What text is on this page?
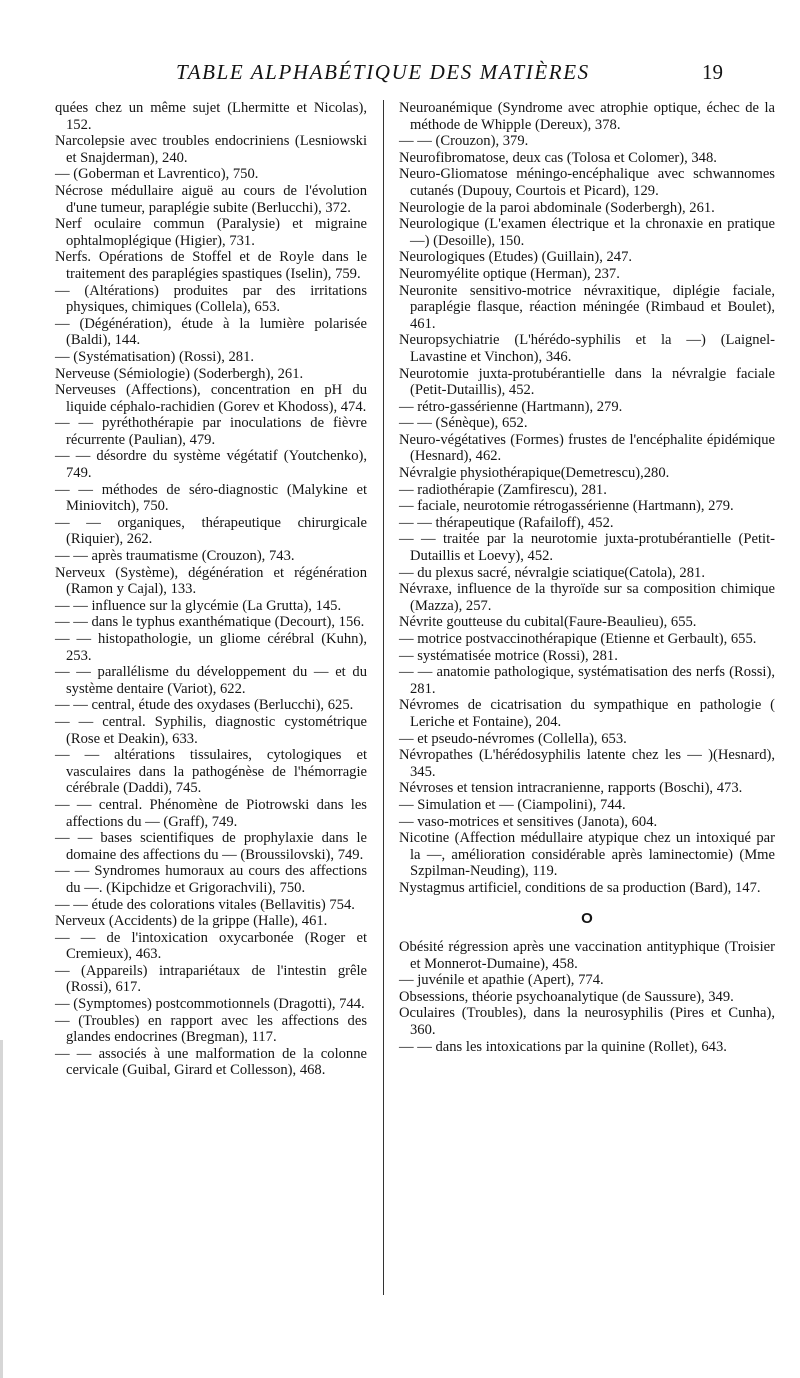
TABLE ALPHABÉTIQUE DES MATIÈRES	19

quées chez un même sujet (Lhermitte et Nicolas), 152.

Narcolepsie avec troubles endocriniens (Lesniowski et Snajderman), 240.

— (Goberman et Lavrentico), 750.

Nécrose médullaire aiguë au cours de l'évolution d'une tumeur, paraplégie subite (Berlucchi), 372.

Nerf oculaire commun (Paralysie) et migraine ophtalmoplégique (Higier), 731.

Nerfs. Opérations de Stoffel et de Royle dans le traitement des paraplégies spastiques (Iselin), 759.

— (Altérations) produites par des irritations physiques, chimiques (Collela), 653.

— (Dégénération), étude à la lumière polarisée (Baldi), 144.

— (Systématisation) (Rossi), 281.

Nerveuse (Sémiologie) (Soderbergh), 261.

Nerveuses (Affections), concentration en pH du liquide céphalo-rachidien (Gorev et Khodoss), 474.

— — pyréthothérapie par inoculations de fièvre récurrente (Paulian), 479.

— — désordre du système végétatif (Youtchenko), 749.

— — méthodes de séro-diagnostic (Malykine et Miniovitch), 750.

— — organiques, thérapeutique chirurgicale (Riquier), 262.

— — après traumatisme (Crouzon), 743.

Nerveux (Système), dégénération et régénération (Ramon y Cajal), 133.

— — influence sur la glycémie (La Grutta), 145.

— — dans le typhus exanthématique (Decourt), 156.

— — histopathologie, un gliome cérébral (Kuhn), 253.

— — parallélisme du développement du — et du système dentaire (Variot), 622.

— — central, étude des oxydases (Berlucchi), 625.

— — central. Syphilis, diagnostic cystométrique (Rose et Deakin), 633.

— — altérations tissulaires, cytologiques et vasculaires dans la pathogénèse de l'hémorragie cérébrale (Daddi), 745.

— — central. Phénomène de Piotrowski dans les affections du — (Graff), 749.

— — bases scientifiques de prophylaxie dans le domaine des affections du — (Broussilovski), 749.

— — Syndromes humoraux au cours des affections du —. (Kipchidze et Grigorachvili), 750.

— — étude des colorations vitales (Bellavitis) 754.

Nerveux (Accidents) de la grippe (Halle), 461.

— — de l'intoxication oxycarbonée (Roger et Cremieux), 463.

— (Appareils) intrapariétaux de l'intestin grêle (Rossi), 617.

— (Symptomes) postcommotionnels (Dragotti), 744.

— (Troubles) en rapport avec les affections des glandes endocrines (Bregman), 117.

— — associés à une malformation de la colonne cervicale (Guibal, Girard et Collesson), 468.

Neuroanémique (Syndrome avec atrophie optique, échec de la méthode de Whipple (Dereux), 378.

— — (Crouzon), 379.

Neurofibromatose, deux cas (Tolosa et Colomer), 348.

Neuro-Gliomatose méningo-encéphalique avec schwannomes cutanés (Dupouy, Courtois et Picard), 129.

Neurologie de la paroi abdominale (Soderbergh), 261.

Neurologique (L'examen électrique et la chronaxie en pratique —) (Desoille), 150.

Neurologiques (Etudes) (Guillain), 247.

Neuromyélite optique (Herman), 237.

Neuronite sensitivo-motrice névraxitique, diplégie faciale, paraplégie flasque, réaction méningée (Rimbaud et Boulet), 461.

Neuropsychiatrie (L'hérédo-syphilis et la —) (Laignel-Lavastine et Vinchon), 346.

Neurotomie juxta-protubérantielle dans la névralgie faciale (Petit-Dutaillis), 452.

— rétro-gassérienne (Hartmann), 279.

— — (Sénèque), 652.

Neuro-végétatives (Formes) frustes de l'encéphalite épidémique (Hesnard), 462.

Névralgie physiothérapique(Demetrescu),280.

— radiothérapie (Zamfirescu), 281.

— faciale, neurotomie rétrogassérienne (Hartmann), 279.

— — thérapeutique (Rafailoff), 452.

— — traitée par la neurotomie juxta-protubérantielle (Petit-Dutaillis et Loevy), 452.

— du plexus sacré, névralgie sciatique(Catola), 281.

Névraxe, influence de la thyroïde sur sa composition chimique (Mazza), 257.

Névrite goutteuse du cubital(Faure-Beaulieu), 655.

— motrice postvaccinothérapique (Etienne et Gerbault), 655.

— systématisée motrice (Rossi), 281.

— — anatomie pathologique, systématisation des nerfs (Rossi), 281.

Névromes de cicatrisation du sympathique en pathologie ( Leriche et Fontaine), 204.

— et pseudo-névromes (Collella), 653.

Névropathes (L'hérédosyphilis latente chez les — )(Hesnard), 345.

Névroses et tension intracranienne, rapports (Boschi), 473.

— Simulation et — (Ciampolini), 744.

— vaso-motrices et sensitives (Janota), 604.

Nicotine (Affection médullaire atypique chez un intoxiqué par la —, amélioration considérable après laminectomie) (Mme Szpilman-Neuding), 119.

Nystagmus artificiel, conditions de sa production (Bard), 147.

O

Obésité régression après une vaccination antityphique (Troisier et Monnerot-Dumaine), 458.

— juvénile et apathie (Apert), 774.

Obsessions, théorie psychoanalytique (de Saussure), 349.

Oculaires (Troubles), dans la neurosyphilis (Pires et Cunha), 360.

— — dans les intoxications par la quinine (Rollet), 643.
